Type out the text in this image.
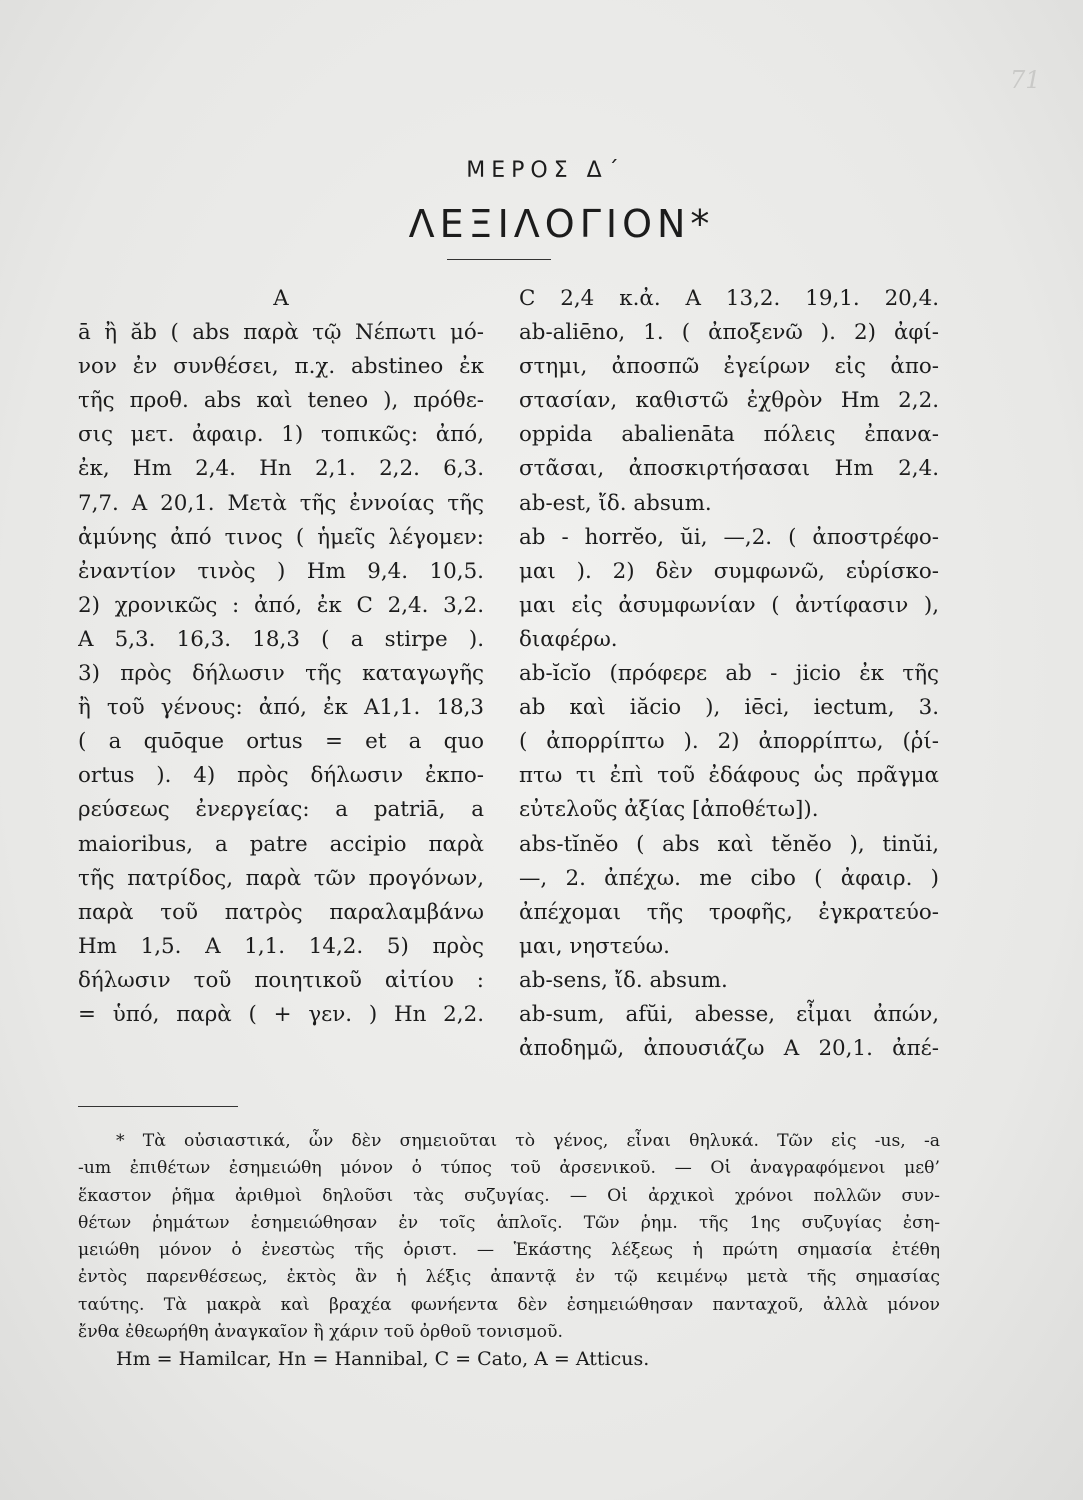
71
ΜΕΡΟΣ Δ΄
ΛΕΞΙΛΟΓΙΟΝ*
A
ā ἢ ăb ( abs παρὰ τῷ Νέπωτι μό-
νον ἐν συνθέσει, π.χ. abstineo ἐκ
τῆς προθ. abs καὶ teneo ), πρόθε-
σις μετ. ἀφαιρ. 1) τοπικῶς: ἀπό,
ἐκ, Hm 2,4. Hn 2,1. 2,2. 6,3.
7,7. A 20,1. Μετὰ τῆς ἐννοίας τῆς
ἀμύνης ἀπό τινος ( ἡμεῖς λέγομεν:
ἐναντίον τινὸς ) Hm 9,4. 10,5.
2) χρονικῶς : ἀπό, ἐκ C 2,4. 3,2.
A 5,3. 16,3. 18,3 ( a stirpe ).
3) πρὸς δήλωσιν τῆς καταγωγῆς
ἢ τοῦ γένους: ἀπό, ἐκ A1,1. 18,3
( a quōque ortus = et a quo
ortus ). 4) πρὸς δήλωσιν ἐκπο-
ρεύσεως ἐνεργείας: a patriā, a
maioribus, a patre accipio παρὰ
τῆς πατρίδος, παρὰ τῶν προγόνων,
παρὰ τοῦ πατρὸς παραλαμβάνω
Hm 1,5. A 1,1. 14,2. 5) πρὸς
δήλωσιν τοῦ ποιητικοῦ αἰτίου :
= ὑπό, παρὰ ( + γεν. ) Hn 2,2.
C 2,4 κ.ἀ. A 13,2. 19,1. 20,4.
ab-aliēno, 1. ( ἀποξενῶ ). 2) ἀφί-
στημι, ἀποσπῶ ἐγείρων εἰς ἀπο-
στασίαν, καθιστῶ ἐχθρὸν Hm 2,2.
oppida abalienāta πόλεις ἐπανα-
στᾶσαι, ἀποσκιρτήσασαι Hm 2,4.
ab-est, ἴδ. absum.
ab - horrĕo, ŭi, —,2. ( ἀποστρέφο-
μαι ). 2) δὲν συμφωνῶ, εὑρίσκο-
μαι εἰς ἀσυμφωνίαν ( ἀντίφασιν ),
διαφέρω.
ab-ĭcĭo (πρόφερε ab - jicio ἐκ τῆς
ab καὶ iăcio ), iēci, iectum, 3.
( ἀπορρίπτω ). 2) ἀπορρίπτω, (ῥί-
πτω τι ἐπὶ τοῦ ἐδάφους ὡς πρᾶγμα
εὐτελοῦς ἀξίας [ἀποθέτω]).
abs-tĭnĕo ( abs καὶ tĕnĕo ), tinŭi,
—, 2. ἀπέχω. me cibo ( ἀφαιρ. )
ἀπέχομαι τῆς τροφῆς, ἐγκρατεύο-
μαι, νηστεύω.
ab-sens, ἴδ. absum.
ab-sum, afŭi, abesse, εἶμαι ἀπών,
ἀποδημῶ, ἀπουσιάζω A 20,1. ἀπέ-
* Τὰ οὐσιαστικά, ὧν δὲν σημειοῦται τὸ γένος, εἶναι θηλυκά. Τῶν εἰς -us, -a
-um ἐπιθέτων ἐσημειώθη μόνον ὁ τύπος τοῦ ἀρσενικοῦ. — Οἱ ἀναγραφόμενοι μεθ’
ἕκαστον ῥῆμα ἀριθμοὶ δηλοῦσι τὰς συζυγίας. — Οἱ ἀρχικοὶ χρόνοι πολλῶν συν-
θέτων ῥημάτων ἐσημειώθησαν ἐν τοῖς ἁπλοῖς. Τῶν ῥημ. τῆς 1ης συζυγίας ἐση-
μειώθη μόνον ὁ ἐνεστὼς τῆς ὁριστ. — Ἑκάστης λέξεως ἡ πρώτη σημασία ἐτέθη
ἐντὸς παρενθέσεως, ἐκτὸς ἂν ἡ λέξις ἀπαντᾷ ἐν τῷ κειμένῳ μετὰ τῆς σημασίας
ταύτης. Τὰ μακρὰ καὶ βραχέα φωνήεντα δὲν ἐσημειώθησαν πανταχοῦ, ἀλλὰ μόνον
ἔνθα ἐθεωρήθη ἀναγκαῖον ἢ χάριν τοῦ ὀρθοῦ τονισμοῦ.
Hm = Hamilcar, Hn = Hannibal, C = Cato, A = Atticus.
